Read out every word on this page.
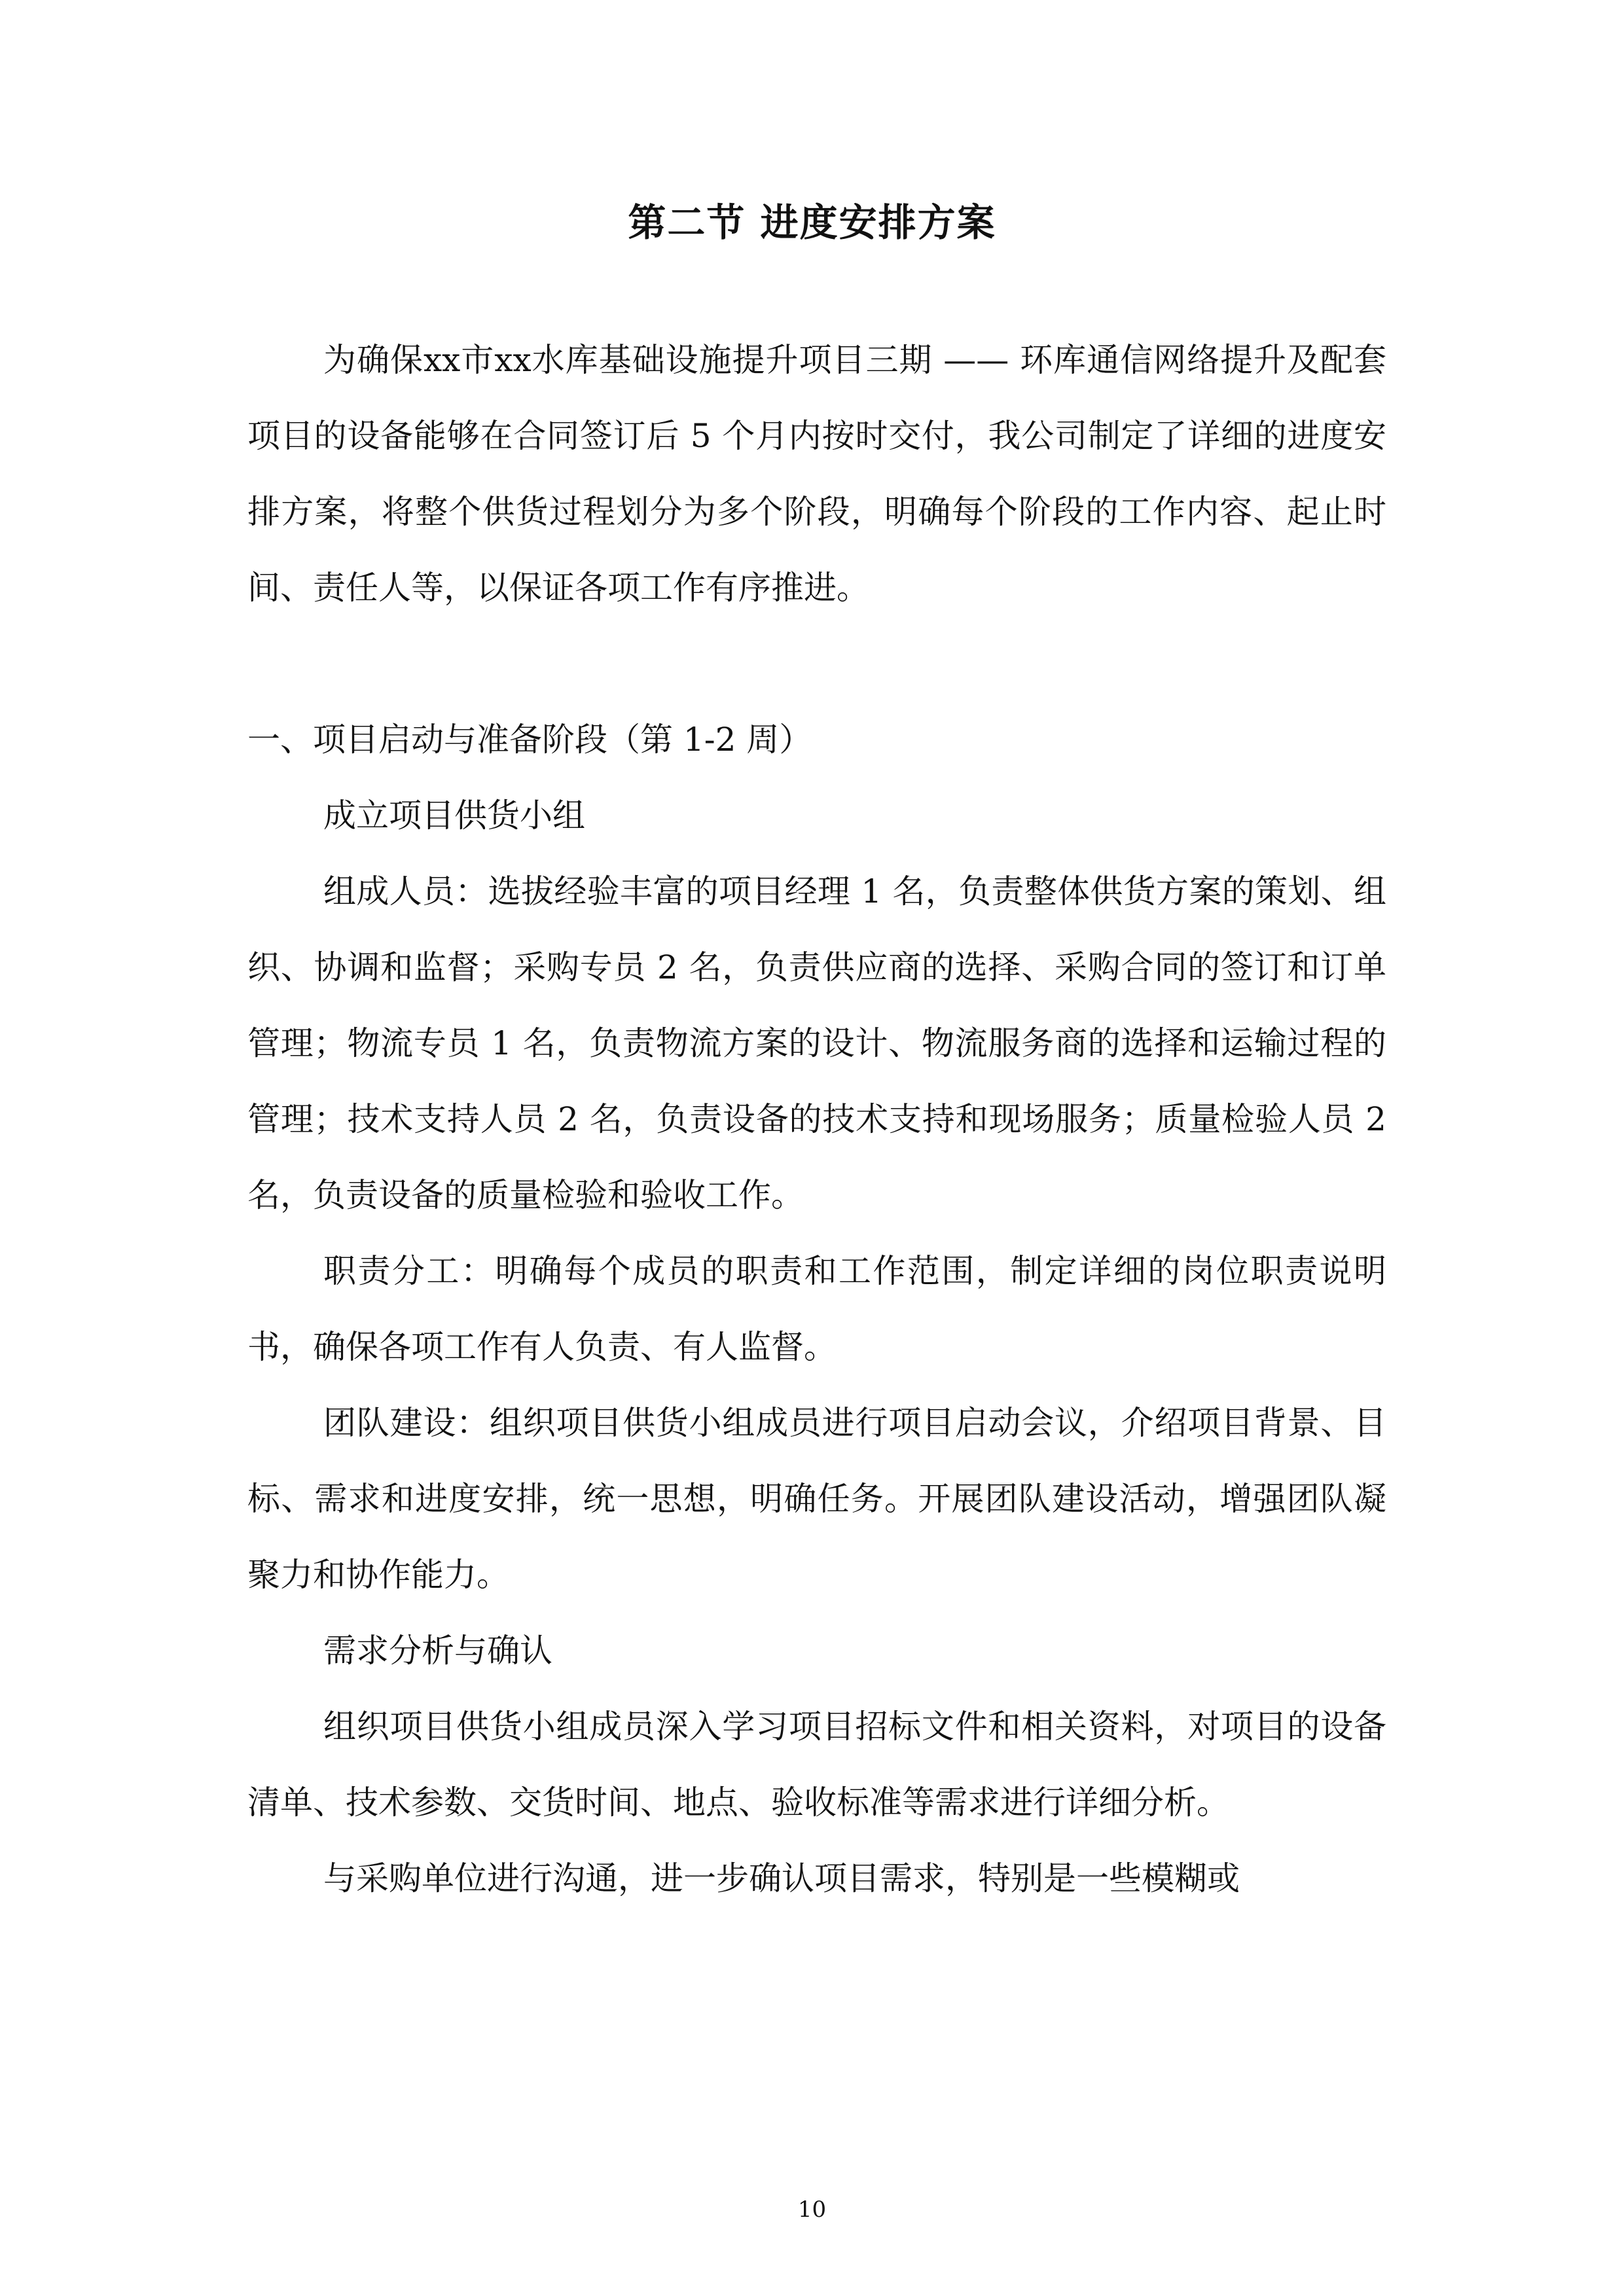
第二节 进度安排方案

为确保xx市xx水库基础设施提升项目三期 —— 环库通信网络提升及配套项目的设备能够在合同签订后 5 个月内按时交付，我公司制定了详细的进度安排方案，将整个供货过程划分为多个阶段，明确每个阶段的工作内容、起止时间、责任人等，以保证各项工作有序推进。

一、项目启动与准备阶段（第 1-2 周）

成立项目供货小组

组成人员：选拔经验丰富的项目经理 1 名，负责整体供货方案的策划、组织、协调和监督；采购专员 2 名，负责供应商的选择、采购合同的签订和订单管理；物流专员 1 名，负责物流方案的设计、物流服务商的选择和运输过程的管理；技术支持人员 2 名，负责设备的技术支持和现场服务；质量检验人员 2 名，负责设备的质量检验和验收工作。

职责分工：明确每个成员的职责和工作范围，制定详细的岗位职责说明书，确保各项工作有人负责、有人监督。

团队建设：组织项目供货小组成员进行项目启动会议，介绍项目背景、目标、需求和进度安排，统一思想，明确任务。开展团队建设活动，增强团队凝聚力和协作能力。

需求分析与确认

组织项目供货小组成员深入学习项目招标文件和相关资料，对项目的设备清单、技术参数、交货时间、地点、验收标准等需求进行详细分析。

与采购单位进行沟通，进一步确认项目需求，特别是一些模糊或

10
